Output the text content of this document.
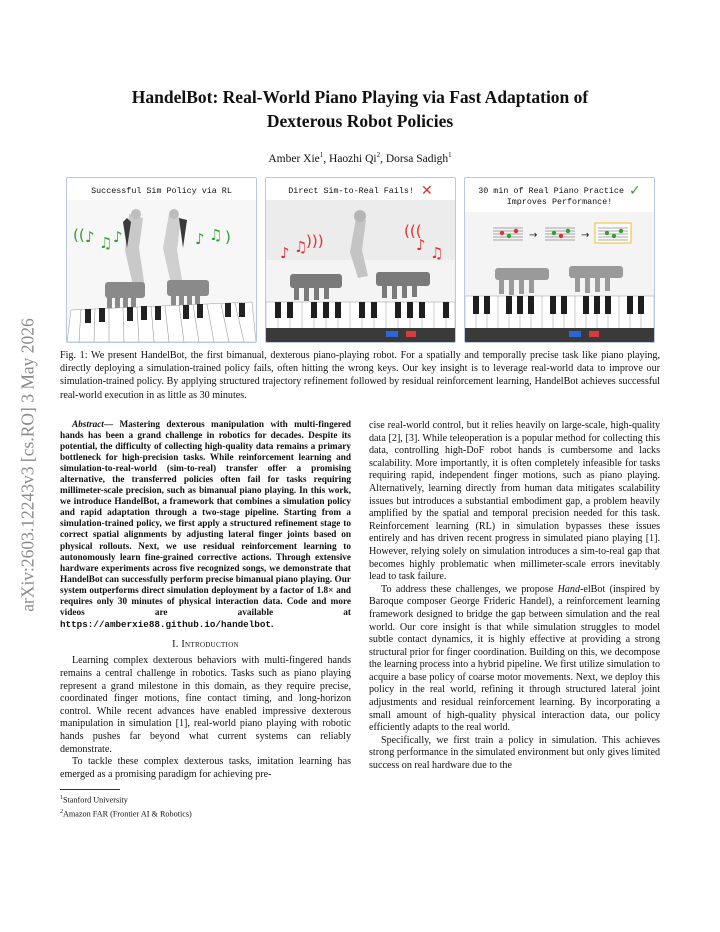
arXiv:2603.12243v3 [cs.RO] 3 May 2026
HandelBot: Real-World Piano Playing via Fast Adaptation of
Dexterous Robot Policies
Amber Xie$^1$, Haozhi Qi$^2$, Dorsa Sadigh$^1$
Successful Sim Policy via RL
(( ♪ ♫ ♪	♪ ♫ )
♪ ♫
)))
(((
♪ ♫
Direct Sim-to-Real Fails! ✕
→	→
30 min of Real Piano Practice ✓
Improves Performance!
Fig. 1: We present HandelBot, the first bimanual, dexterous piano-playing robot. For a spatially and temporally precise task like piano playing, directly deploying a simulation-trained policy fails, often hitting the wrong keys. Our key insight is to leverage real-world data to improve our simulation-trained policy. By applying structured trajectory refinement followed by residual reinforcement learning, HandelBot achieves successful real-world execution in as little as 30 minutes.

Abstract— Mastering dexterous manipulation with multi-fingered hands has been a grand challenge in robotics for decades. Despite its potential, the difficulty of collecting high-quality data remains a primary bottleneck for high-precision tasks. While reinforcement learning and simulation-to-real-world (sim-to-real) transfer offer a promising alternative, the transferred policies often fail for tasks requiring millimeter-scale precision, such as bimanual piano playing. In this work, we introduce HandelBot, a framework that combines a simulation policy and rapid adaptation through a two-stage pipeline. Starting from a simulation-trained policy, we first apply a structured refinement stage to correct spatial alignments by adjusting lateral finger joints based on physical rollouts. Next, we use residual reinforcement learning to autonomously learn fine-grained corrective actions. Through extensive hardware experiments across five recognized songs, we demonstrate that HandelBot can successfully perform precise bimanual piano playing. Our system outperforms direct simulation deployment by a factor of 1.8× and requires only 30 minutes of physical interaction data. Code and more videos are available at https://amberxie88.github.io/handelbot.

I. Introduction

Learning complex dexterous behaviors with multi-fingered hands remains a central challenge in robotics. Tasks such as piano playing represent a grand milestone in this domain, as they require precise, coordinated finger motions, fine contact timing, and long-horizon control. While recent advances have enabled impressive dexterous manipulation in simulation [1], real-world piano playing with robotic hands pushes far beyond what current systems can reliably demonstrate.

To tackle these complex dexterous tasks, imitation learning has emerged as a promising paradigm for achieving pre-

$^1$Stanford University
$^2$Amazon FAR (Frontier AI & Robotics)

cise real-world control, but it relies heavily on large-scale, high-quality data [2], [3]. While teleoperation is a popular method for collecting this data, controlling high-DoF robot hands is cumbersome and lacks scalability. More importantly, it is often completely infeasible for tasks requiring rapid, independent finger motions, such as piano playing. Alternatively, learning directly from human data mitigates scalability issues but introduces a substantial embodiment gap, a problem heavily amplified by the spatial and temporal precision needed for this task. Reinforcement learning (RL) in simulation bypasses these issues entirely and has driven recent progress in simulated piano playing [1]. However, relying solely on simulation introduces a sim-to-real gap that becomes highly problematic when millimeter-scale errors inevitably lead to task failure.

To address these challenges, we propose Hand-elBot (inspired by Baroque composer George Frideric Handel), a reinforcement learning framework designed to bridge the gap between simulation and the real world. Our core insight is that while simulation struggles to model subtle contact dynamics, it is highly effective at providing a strong structural prior for finger coordination. Building on this, we decompose the learning process into a hybrid pipeline. We first utilize simulation to acquire a base policy of coarse motor movements. Next, we deploy this policy in the real world, refining it through structured lateral joint adjustments and residual reinforcement learning. By incorporating a small amount of high-quality physical interaction data, our policy efficiently adapts to the real world.

Specifically, we first train a policy in simulation. This achieves strong performance in the simulated environment but only gives limited success on real hardware due to the
